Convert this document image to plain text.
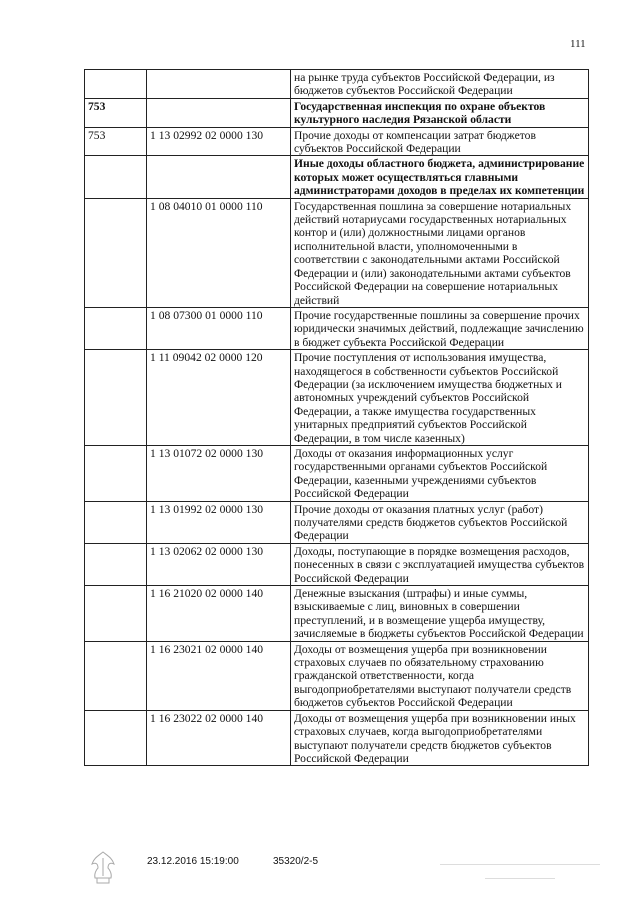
111
		на рынке труда субъектов Российской Федерации, из бюджетов субъектов Российской Федерации
753		Государственная инспекция по охране объектов культурного наследия Рязанской области
753	1 13 02992 02 0000 130	Прочие доходы от компенсации затрат бюджетов субъектов Российской Федерации
		Иные доходы областного бюджета, администрирование которых может осуществляться главными администраторами доходов в пределах их компетенции
	1 08 04010 01 0000 110	Государственная пошлина за совершение нотариальных действий нотариусами государственных нотариальных контор и (или) должностными лицами органов исполнительной власти, уполномоченными в соответствии с законодательными актами Российской Федерации и (или) законодательными актами субъектов Российской Федерации на совершение нотариальных действий
	1 08 07300 01 0000 110	Прочие государственные пошлины за совершение прочих юридически значимых действий, подлежащие зачислению в бюджет субъекта Российской Федерации
	1 11 09042 02 0000 120	Прочие поступления от использования имущества, находящегося в собственности субъектов Российской Федерации (за исключением имущества бюджетных и автономных учреждений субъектов Российской Федерации, а также имущества государственных унитарных предприятий субъектов Российской Федерации, в том числе казенных)
	1 13 01072 02 0000 130	Доходы от оказания информационных услуг государственными органами субъектов Российской Федерации, казенными учреждениями субъектов Российской Федерации
	1 13 01992 02 0000 130	Прочие доходы от оказания платных услуг (работ) получателями средств бюджетов субъектов Российской Федерации
	1 13 02062 02 0000 130	Доходы, поступающие в порядке возмещения расходов, понесенных в связи с эксплуатацией имущества субъектов Российской Федерации
	1 16 21020 02 0000 140	Денежные взыскания (штрафы) и иные суммы, взыскиваемые с лиц, виновных в совершении преступлений, и в возмещение ущерба имуществу, зачисляемые в бюджеты субъектов Российской Федерации
	1 16 23021 02 0000 140	Доходы от возмещения ущерба при возникновении страховых случаев по обязательному страхованию гражданской ответственности, когда выгодоприобретателями выступают получатели средств бюджетов субъектов Российской Федерации
	1 16 23022 02 0000 140	Доходы от возмещения ущерба при возникновении иных страховых случаев, когда выгодоприобретателями выступают получатели средств бюджетов субъектов Российской Федерации
23.12.2016 15:19:00	35320/2-5
